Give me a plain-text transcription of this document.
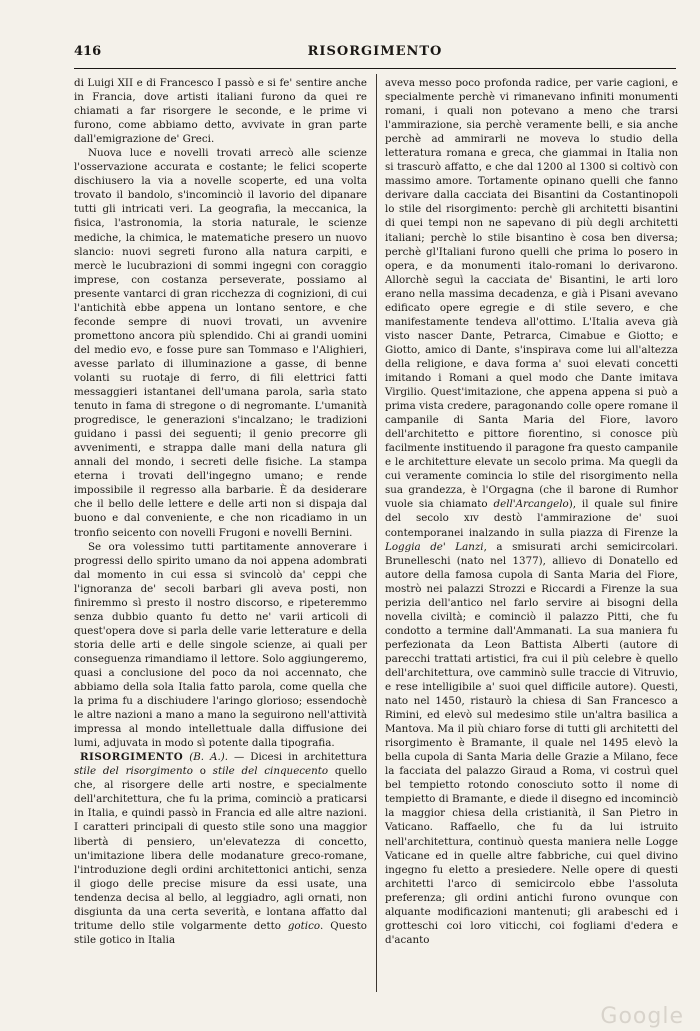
416	RISORGIMENTO

di Luigi XII e di Francesco I passò e si fe' sentire anche in Francia, dove artisti italiani furono da quei re chiamati a far risorgere le seconde, e le prime vi furono, come abbiamo detto, avvivate in gran parte dall'emigrazione de' Greci.

Nuova luce e novelli trovati arrecò alle scienze l'osservazione accurata e costante; le felici scoperte dischiusero la via a novelle scoperte, ed una volta trovato il bandolo, s'incominciò il lavorio del dipanare tutti gli intricati veri. La geografia, la meccanica, la fisica, l'astronomia, la storia naturale, le scienze mediche, la chimica, le matematiche presero un nuovo slancio: nuovi segreti furono alla natura carpiti, e mercè le lucubrazioni di sommi ingegni con coraggio imprese, con costanza perseverate, possiamo al presente vantarci di gran ricchezza di cognizioni, di cui l'antichità ebbe appena un lontano sentore, e che feconde sempre di nuovi trovati, un avvenire promettono ancora più splendido. Chi ai grandi uomini del medio evo, e fosse pure san Tommaso e l'Alighieri, avesse parlato di illuminazione a gasse, di benne volanti su ruotaje di ferro, di fili elettrici fatti messaggieri istantanei dell'umana parola, sarìa stato tenuto in fama di stregone o di negromante. L'umanità progredisce, le generazioni s'incalzano; le tradizioni guidano i passi dei seguenti; il genio precorre gli avvenimenti, e strappa dalle mani della natura gli annali del mondo, i secreti delle fisiche. La stampa eterna i trovati dell'ingegno umano; e rende impossibile il regresso alla barbarie. È da desiderare che il bello delle lettere e delle arti non si dispaja dal buono e dal conveniente, e che non ricadiamo in un tronfio seicento con novelli Frugoni e novelli Bernini.

Se ora volessimo tutti partitamente annoverare i progressi dello spirito umano da noi appena adombrati dal momento in cui essa si svincolò da' ceppi che l'ignoranza de' secoli barbari gli aveva posti, non finiremmo sì presto il nostro discorso, e ripeteremmo senza dubbio quanto fu detto ne' varii articoli di quest'opera dove si parla delle varie letterature e della storia delle arti e delle singole scienze, ai quali per conseguenza rimandiamo il lettore. Solo aggiungeremo, quasi a conclusione del poco da noi accennato, che abbiamo della sola Italia fatto parola, come quella che la prima fu a dischiudere l'aringo glorioso; essendochè le altre nazioni a mano a mano la seguirono nell'attività impressa al mondo intellettuale dalla diffusione dei lumi, adjuvata in modo sì potente dalla tipografia.

RISORGIMENTO (B. A.). — Dicesi in architettura stile del risorgimento o stile del cinquecento quello che, al risorgere delle arti nostre, e specialmente dell'architettura, che fu la prima, cominciò a praticarsi in Italia, e quindi passò in Francia ed alle altre nazioni. I caratteri principali di questo stile sono una maggior libertà di pensiero, un'elevatezza di concetto, un'imitazione libera delle modanature greco-romane, l'introduzione degli ordini architettonici antichi, senza il giogo delle precise misure da essi usate, una tendenza decisa al bello, al leggiadro, agli ornati, non disgiunta da una certa severità, e lontana affatto dal tritume dello stile volgarmente detto gotico. Questo stile gotico in Italia

aveva messo poco profonda radice, per varie cagioni, e specialmente perchè vi rimanevano infiniti monumenti romani, i quali non potevano a meno che trarsi l'ammirazione, sia perchè veramente belli, e sia anche perchè ad ammirarli ne moveva lo studio della letteratura romana e greca, che giammai in Italia non si trascurò affatto, e che dal 1200 al 1300 si coltivò con massimo amore. Tortamente opinano quelli che fanno derivare dalla cacciata dei Bisantini da Costantinopoli lo stile del risorgimento: perchè gli architetti bisantini di quei tempi non ne sapevano di più degli architetti italiani; perchè lo stile bisantino è cosa ben diversa; perchè gl'Italiani furono quelli che prima lo posero in opera, e da monumenti italo-romani lo derivarono. Allorchè seguì la cacciata de' Bisantini, le arti loro erano nella massima decadenza, e già i Pisani avevano edificato opere egregie e di stile severo, e che manifestamente tendeva all'ottimo. L'Italia aveva già visto nascer Dante, Petrarca, Cimabue e Giotto; e Giotto, amico di Dante, s'inspirava come lui all'altezza della religione, e dava forma a' suoi elevati concetti imitando i Romani a quel modo che Dante imitava Virgilio. Quest'imitazione, che appena appena si può a prima vista credere, paragonando colle opere romane il campanile di Santa Maria del Fiore, lavoro dell'architetto e pittore fiorentino, si conosce più facilmente instituendo il paragone fra questo campanile e le architetture elevate un secolo prima. Ma quegli da cui veramente comincia lo stile del risorgimento nella sua grandezza, è l'Orgagna (che il barone di Rumhor vuole sia chiamato dell'Arcangelo), il quale sul finire del secolo xɪv destò l'ammirazione de' suoi contemporanei inalzando in sulla piazza di Firenze la Loggia de' Lanzi, a smisurati archi semicircolari. Brunelleschi (nato nel 1377), allievo di Donatello ed autore della famosa cupola di Santa Maria del Fiore, mostrò nei palazzi Strozzi e Riccardi a Firenze la sua perizia dell'antico nel farlo servire ai bisogni della novella civiltà; e cominciò il palazzo Pitti, che fu condotto a termine dall'Ammanati. La sua maniera fu perfezionata da Leon Battista Alberti (autore di parecchi trattati artistici, fra cui il più celebre è quello dell'architettura, ove camminò sulle traccie di Vitruvio, e rese intelligibile a' suoi quel difficile autore). Questi, nato nel 1450, ristaurò la chiesa di San Francesco a Rimini, ed elevò sul medesimo stile un'altra basilica a Mantova. Ma il più chiaro forse di tutti gli architetti del risorgimento è Bramante, il quale nel 1495 elevò la bella cupola di Santa Maria delle Grazie a Milano, fece la facciata del palazzo Giraud a Roma, vi costruì quel bel tempietto rotondo conosciuto sotto il nome di tempietto di Bramante, e diede il disegno ed incominciò la maggior chiesa della cristianità, il San Pietro in Vaticano. Raffaello, che fu da lui istruito nell'architettura, continuò questa maniera nelle Logge Vaticane ed in quelle altre fabbriche, cui quel divino ingegno fu eletto a presiedere. Nelle opere di questi architetti l'arco di semicircolo ebbe l'assoluta preferenza; gli ordini antichi furono ovunque con alquante modificazioni mantenuti; gli arabeschi ed i grotteschi coi loro viticchi, coi fogliami d'edera e d'acanto

Google
